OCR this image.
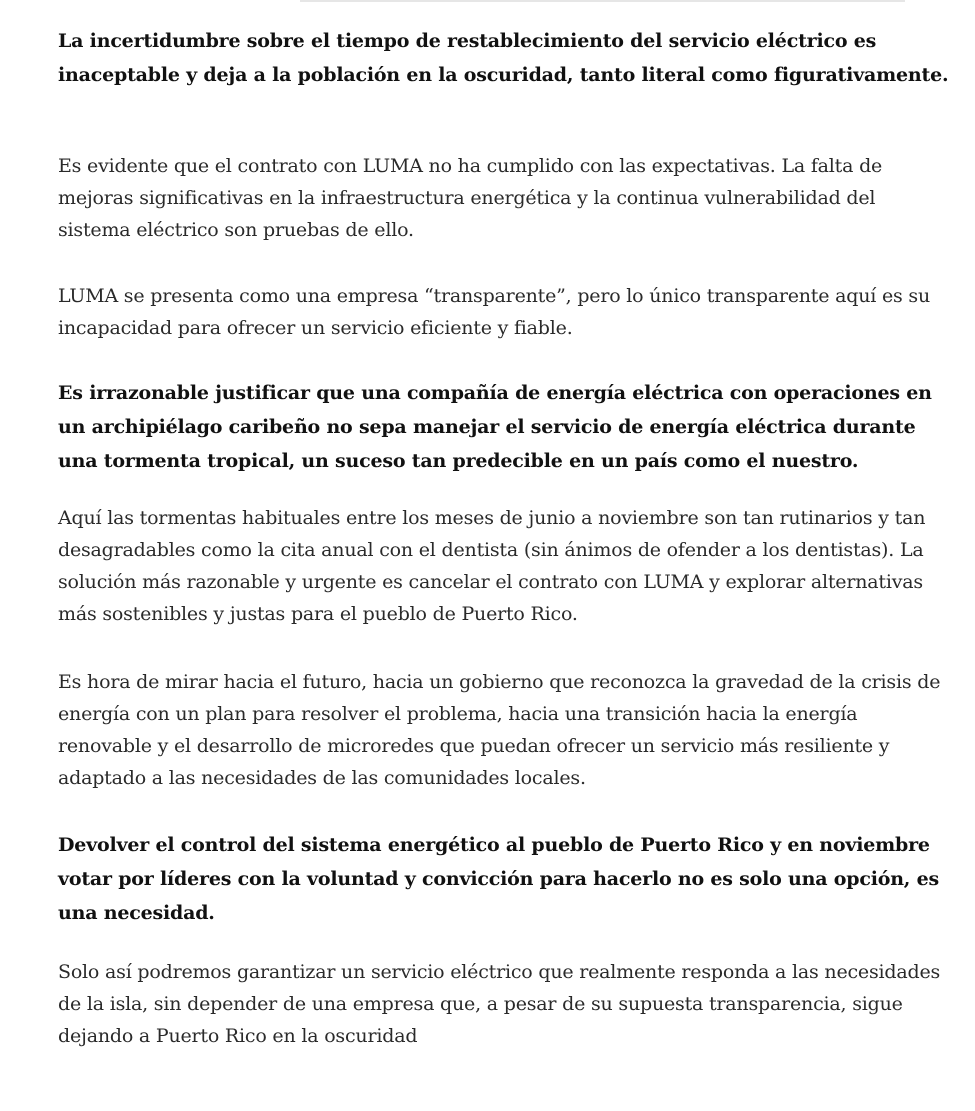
La incertidumbre sobre el tiempo de restablecimiento del servicio eléctrico es inaceptable y deja a la población en la oscuridad, tanto literal como figurativamente.

Es evidente que el contrato con LUMA no ha cumplido con las expectativas. La falta de mejoras significativas en la infraestructura energética y la continua vulnerabilidad del sistema eléctrico son pruebas de ello.

LUMA se presenta como una empresa “transparente”, pero lo único transparente aquí es su incapacidad para ofrecer un servicio eficiente y fiable.

Es irrazonable justificar que una compañía de energía eléctrica con operaciones en un archipiélago caribeño no sepa manejar el servicio de energía eléctrica durante una tormenta tropical, un suceso tan predecible en un país como el nuestro.

Aquí las tormentas habituales entre los meses de junio a noviembre son tan rutinarios y tan desagradables como la cita anual con el dentista (sin ánimos de ofender a los dentistas). La solución más razonable y urgente es cancelar el contrato con LUMA y explorar alternativas más sostenibles y justas para el pueblo de Puerto Rico.

Es hora de mirar hacia el futuro, hacia un gobierno que reconozca la gravedad de la crisis de energía con un plan para resolver el problema, hacia una transición hacia la energía renovable y el desarrollo de microredes que puedan ofrecer un servicio más resiliente y adaptado a las necesidades de las comunidades locales.

Devolver el control del sistema energético al pueblo de Puerto Rico y en noviembre votar por líderes con la voluntad y convicción para hacerlo no es solo una opción, es una necesidad.

Solo así podremos garantizar un servicio eléctrico que realmente responda a las necesidades de la isla, sin depender de una empresa que, a pesar de su supuesta transparencia, sigue dejando a Puerto Rico en la oscuridad
